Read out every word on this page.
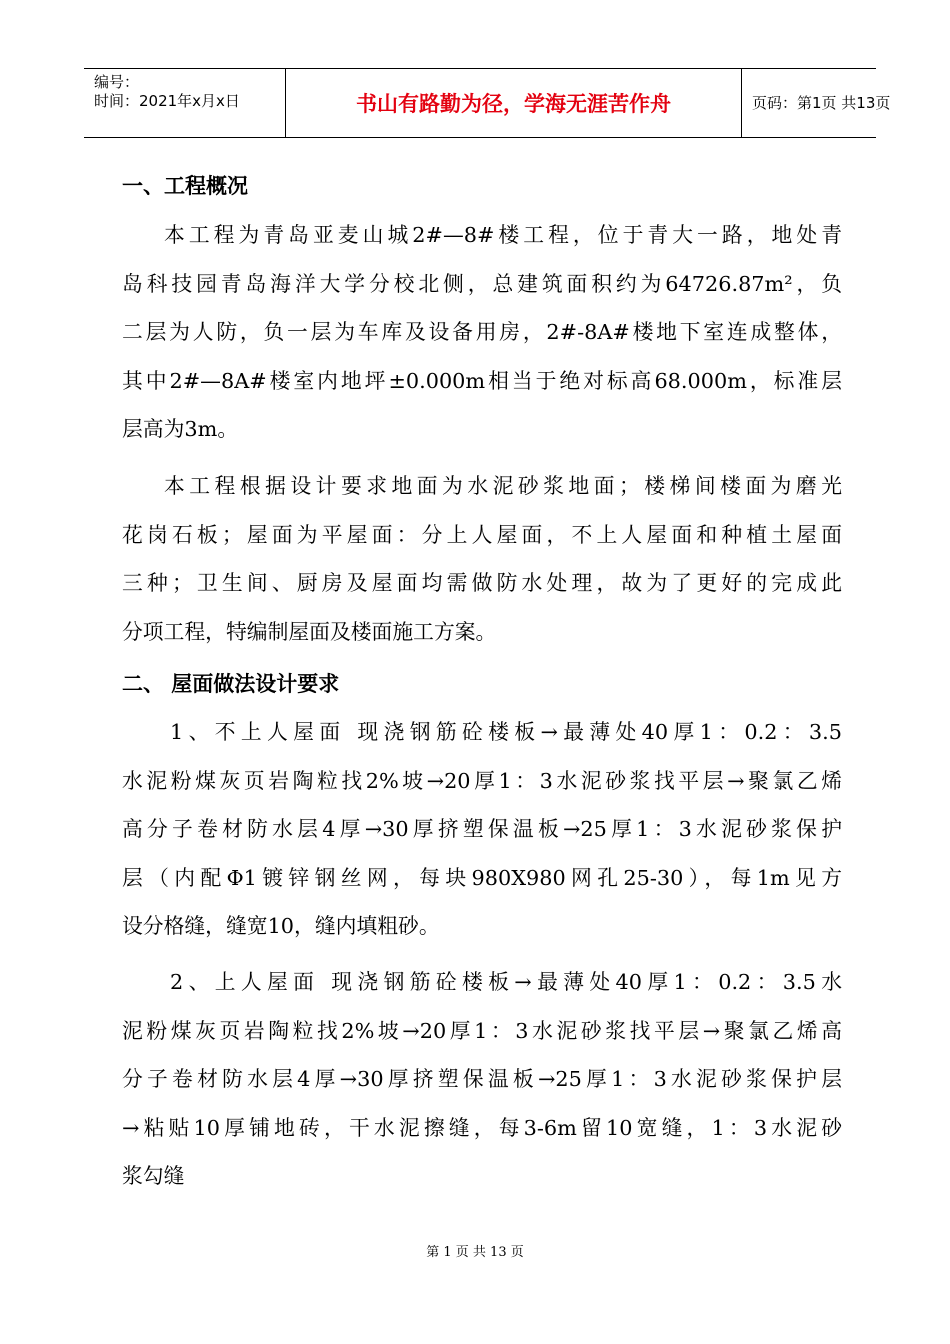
编号：
时间：2021年x月x日	书山有路勤为径，学海无涯苦作舟	页码：第1页 共13页
一、工程概况
本工程为青岛亚麦山城2#—8#楼工程，位于青大一路，地处青
岛科技园青岛海洋大学分校北侧，总建筑面积约为64726.87m²，负
二层为人防，负一层为车库及设备用房，2#-8A#楼地下室连成整体，
其中2#—8A#楼室内地坪±0.000m相当于绝对标高68.000m，标准层
层高为3m。
本工程根据设计要求地面为水泥砂浆地面；楼梯间楼面为磨光
花岗石板；屋面为平屋面：分上人屋面，不上人屋面和种植土屋面
三种；卫生间、厨房及屋面均需做防水处理，故为了更好的完成此
分项工程，特编制屋面及楼面施工方案。
二、 屋面做法设计要求
1、不上人屋面 现浇钢筋砼楼板→最薄处40厚1：0.2：3.5
水泥粉煤灰页岩陶粒找2%坡→20厚1：3水泥砂浆找平层→聚氯乙烯
高分子卷材防水层4厚→30厚挤塑保温板→25厚1：3水泥砂浆保护
层（内配Φ1镀锌钢丝网，每块980X980网孔25-30），每1m见方
设分格缝，缝宽10，缝内填粗砂。
2、上人屋面 现浇钢筋砼楼板→最薄处40厚1：0.2：3.5水
泥粉煤灰页岩陶粒找2%坡→20厚1：3水泥砂浆找平层→聚氯乙烯高
分子卷材防水层4厚→30厚挤塑保温板→25厚1：3水泥砂浆保护层
→粘贴10厚铺地砖，干水泥擦缝，每3-6m留10宽缝，1：3水泥砂
浆勾缝
第 1 页 共 13 页
